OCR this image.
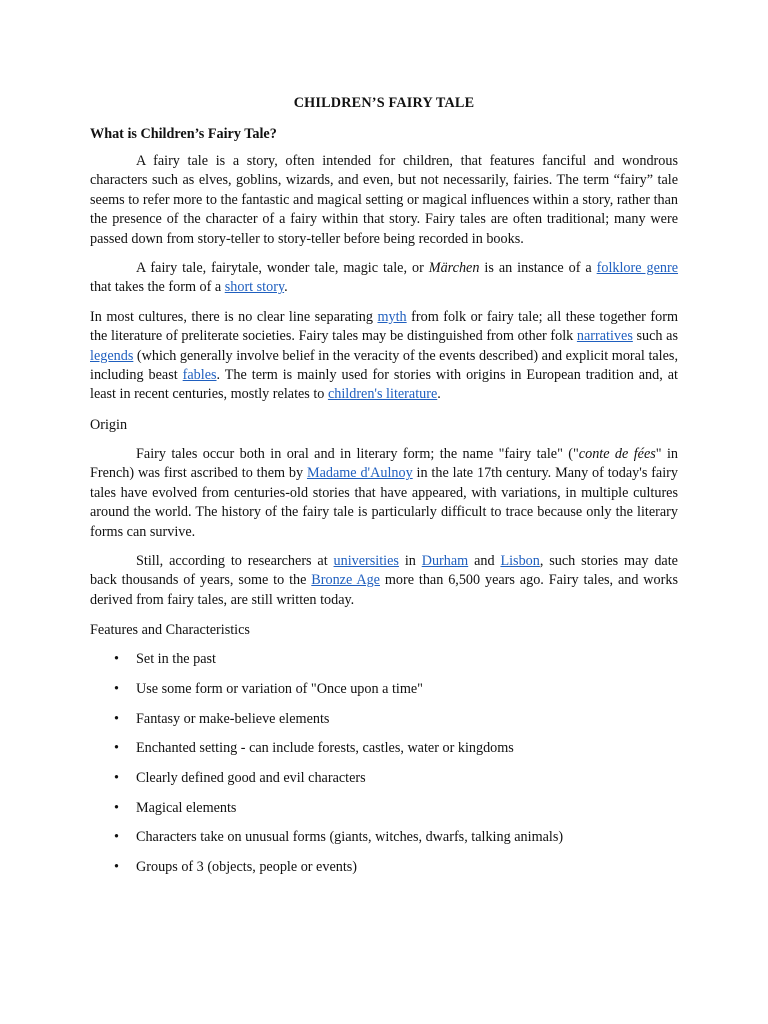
CHILDREN’S FAIRY TALE
What is Children’s Fairy Tale?

A fairy tale is a story, often intended for children, that features fanciful and wondrous characters such as elves, goblins, wizards, and even, but not necessarily, fairies. The term “fairy” tale seems to refer more to the fantastic and magical setting or magical influences within a story, rather than the presence of the character of a fairy within that story. Fairy tales are often traditional; many were passed down from story-teller to story-teller before being recorded in books.

A fairy tale, fairytale, wonder tale, magic tale, or Märchen is an instance of a folklore genre that takes the form of a short story.

In most cultures, there is no clear line separating myth from folk or fairy tale; all these together form the literature of preliterate societies. Fairy tales may be distinguished from other folk narratives such as legends (which generally involve belief in the veracity of the events described) and explicit moral tales, including beast fables. The term is mainly used for stories with origins in European tradition and, at least in recent centuries, mostly relates to children's literature.

Origin

Fairy tales occur both in oral and in literary form; the name "fairy tale" ("conte de fées" in French) was first ascribed to them by Madame d'Aulnoy in the late 17th century. Many of today's fairy tales have evolved from centuries-old stories that have appeared, with variations, in multiple cultures around the world. The history of the fairy tale is particularly difficult to trace because only the literary forms can survive.

Still, according to researchers at universities in Durham and Lisbon, such stories may date back thousands of years, some to the Bronze Age more than 6,500 years ago. Fairy tales, and works derived from fairy tales, are still written today.

Features and Characteristics

• Set in the past
• Use some form or variation of "Once upon a time"
• Fantasy or make-believe elements
• Enchanted setting - can include forests, castles, water or kingdoms
• Clearly defined good and evil characters
• Magical elements
• Characters take on unusual forms (giants, witches, dwarfs, talking animals)
• Groups of 3 (objects, people or events)
